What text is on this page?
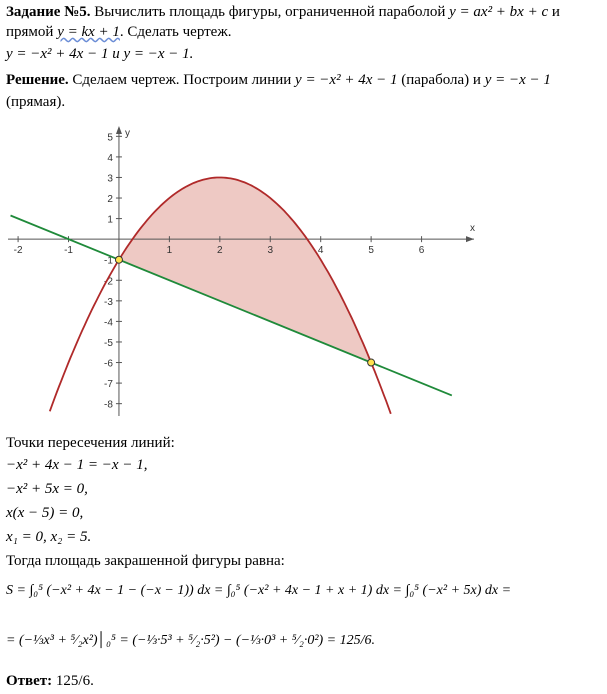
Задание №5. Вычислить площадь фигуры, ограниченной параболой y = ax² + bx + c и
прямой y = kx + 1. Сделать чертеж.
y = −x² + 4x − 1 и y = −x − 1.
Решение. Сделаем чертеж. Построим линии y = −x² + 4x − 1 (парабола) и y = −x − 1
(прямая).
-2	-1	1	2	3	4	5	6
5
4
3
2
1
-1
-2
-3
-4
-5
-6
-7
-8
x
y
Точки пересечения линий:
−x² + 4x − 1 = −x − 1,
−x² + 5x = 0,
x(x − 5) = 0,
x₁ = 0, x₂ = 5.
Тогда площадь закрашенной фигуры равна:
S = ∫₀⁵ (−x² + 4x − 1 − (−x − 1)) dx = ∫₀⁵ (−x² + 4x − 1 + x + 1) dx = ∫₀⁵ (−x² + 5x) dx =
= (−⅓x³ + ⁵⁄₂x²)│₀⁵ = (−⅓·5³ + ⁵⁄₂·5²) − (−⅓·0³ + ⁵⁄₂·0²) = 125/6.
Ответ: 125/6.
